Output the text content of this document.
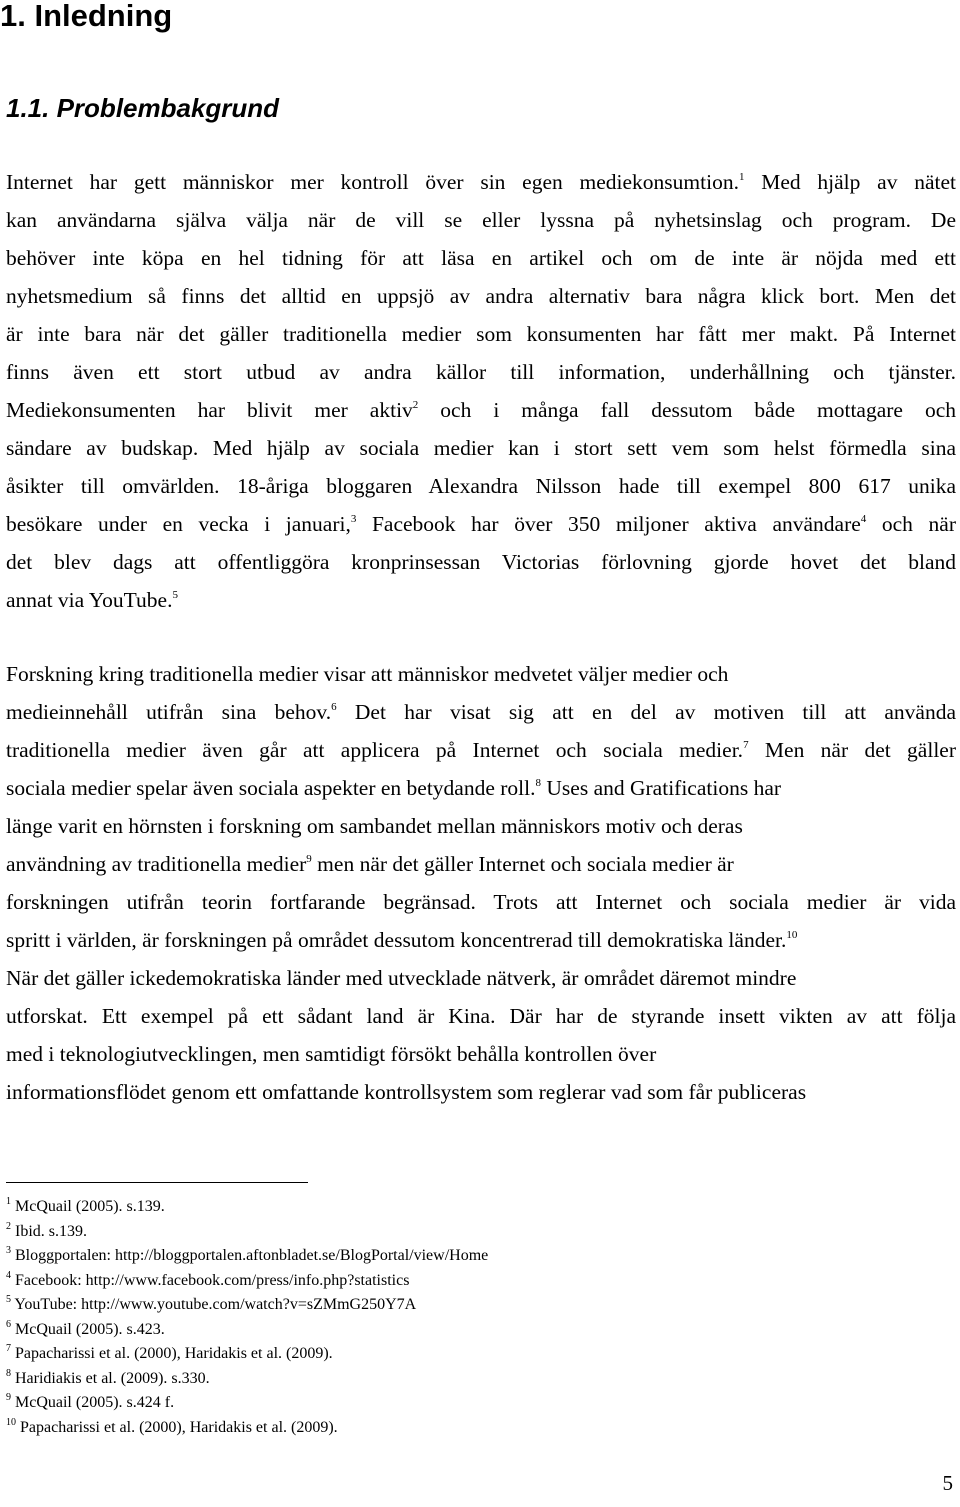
1. Inledning
1.1. Problembakgrund
Internet har gett människor mer kontroll över sin egen mediekonsumtion.$^1$ Med hjälp av nätet
kan användarna själva välja när de vill se eller lyssna på nyhetsinslag och program. De
behöver inte köpa en hel tidning för att läsa en artikel och om de inte är nöjda med ett
nyhetsmedium så finns det alltid en uppsjö av andra alternativ bara några klick bort. Men det
är inte bara när det gäller traditionella medier som konsumenten har fått mer makt. På Internet
finns även ett stort utbud av andra källor till information, underhållning och tjänster.
Mediekonsumenten har blivit mer aktiv$^2$ och i många fall dessutom både mottagare och
sändare av budskap. Med hjälp av sociala medier kan i stort sett vem som helst förmedla sina
åsikter till omvärlden. 18-åriga bloggaren Alexandra Nilsson hade till exempel 800 617 unika
besökare under en vecka i januari,$^3$ Facebook har över 350 miljoner aktiva användare$^4$ och när
det blev dags att offentliggöra kronprinsessan Victorias förlovning gjorde hovet det bland
annat via YouTube.$^5$
Forskning kring traditionella medier visar att människor medvetet väljer medier och
medieinnehåll utifrån sina behov.$^6$ Det har visat sig att en del av motiven till att använda
traditionella medier även går att applicera på Internet och sociala medier.$^7$ Men när det gäller
sociala medier spelar även sociala aspekter en betydande roll.$^8$ Uses and Gratifications har
länge varit en hörnsten i forskning om sambandet mellan människors motiv och deras
användning av traditionella medier$^9$ men när det gäller Internet och sociala medier är
forskningen utifrån teorin fortfarande begränsad. Trots att Internet och sociala medier är vida
spritt i världen, är forskningen på området dessutom koncentrerad till demokratiska länder.$^{10}$
När det gäller ickedemokratiska länder med utvecklade nätverk, är området däremot mindre
utforskat. Ett exempel på ett sådant land är Kina. Där har de styrande insett vikten av att följa
med i teknologiutvecklingen, men samtidigt försökt behålla kontrollen över
informationsflödet genom ett omfattande kontrollsystem som reglerar vad som får publiceras
$^1$ McQuail (2005). s.139.
$^2$ Ibid. s.139.
$^3$ Bloggportalen: http://bloggportalen.aftonbladet.se/BlogPortal/view/Home
$^4$ Facebook: http://www.facebook.com/press/info.php?statistics
$^5$ YouTube: http://www.youtube.com/watch?v=sZMmG250Y7A
$^6$ McQuail (2005). s.423.
$^7$ Papacharissi et al. (2000), Haridakis et al. (2009).
$^8$ Haridiakis et al. (2009). s.330.
$^9$ McQuail (2005). s.424 f.
$^{10}$ Papacharissi et al. (2000), Haridakis et al. (2009).
5
